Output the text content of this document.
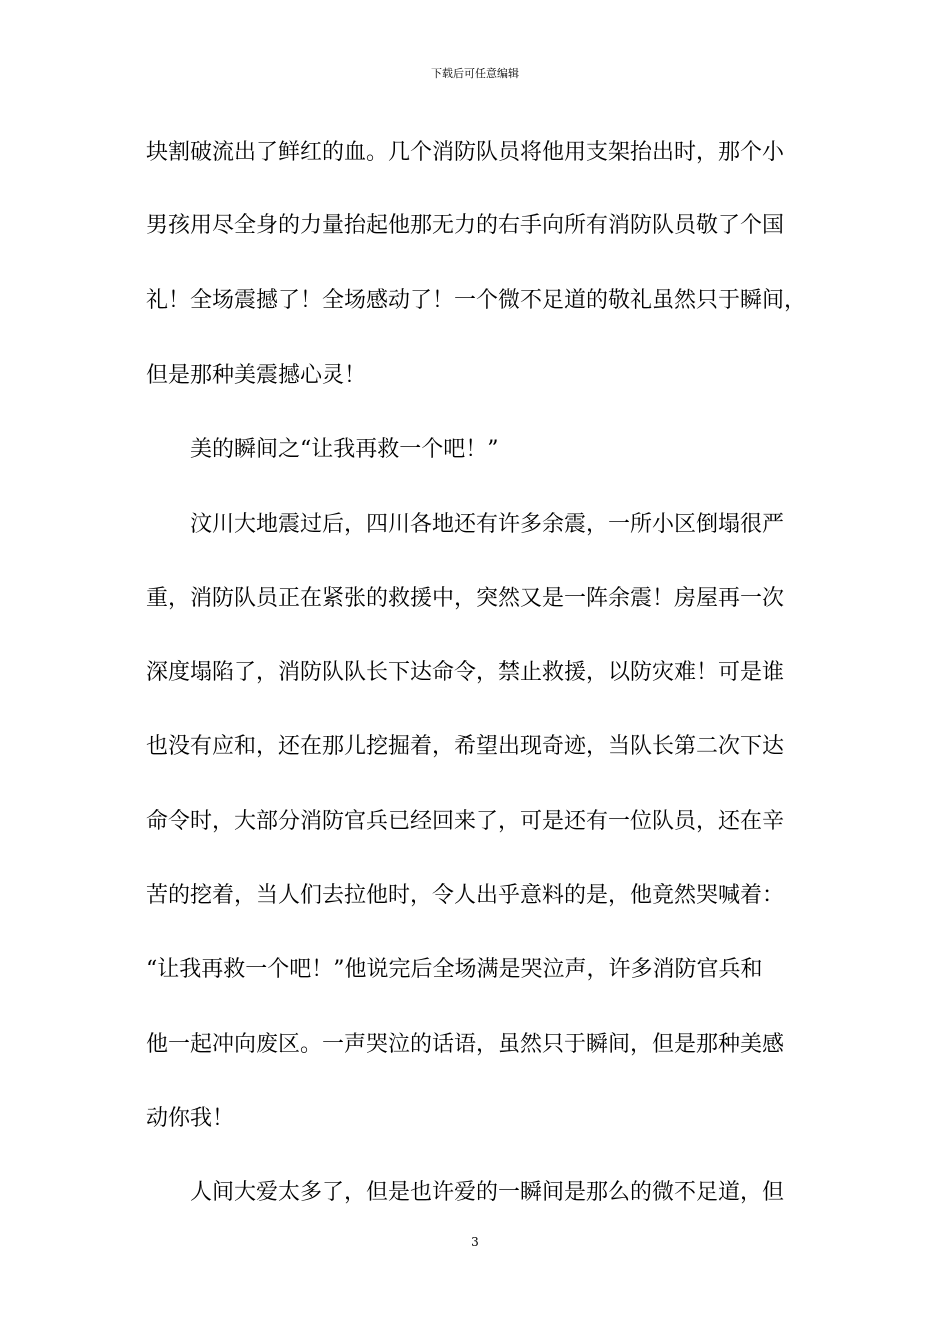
下载后可任意编辑
块割破流出了鲜红的血。几个消防队员将他用支架抬出时，那个小
男孩用尽全身的力量抬起他那无力的右手向所有消防队员敬了个国
礼！全场震撼了！全场感动了！一个微不足道的敬礼虽然只于瞬间，
但是那种美震撼心灵！
美的瞬间之“让我再救一个吧！”
汶川大地震过后，四川各地还有许多余震，一所小区倒塌很严
重，消防队员正在紧张的救援中，突然又是一阵余震！房屋再一次
深度塌陷了，消防队队长下达命令，禁止救援，以防灾难！可是谁
也没有应和，还在那儿挖掘着，希望出现奇迹，当队长第二次下达
命令时，大部分消防官兵已经回来了，可是还有一位队员，还在辛
苦的挖着，当人们去拉他时，令人出乎意料的是，他竟然哭喊着：
“让我再救一个吧！”他说完后全场满是哭泣声，许多消防官兵和
他一起冲向废区。一声哭泣的话语，虽然只于瞬间，但是那种美感
动你我！
人间大爱太多了，但是也许爱的一瞬间是那么的微不足道，但
3
